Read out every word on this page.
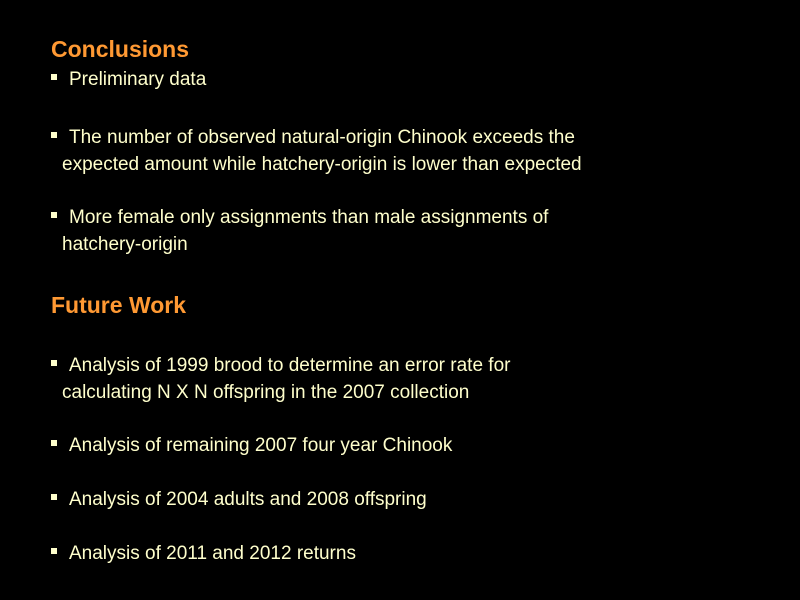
Conclusions
Preliminary data
The number of observed natural-origin Chinook exceeds the
expected amount while hatchery-origin is lower than expected
More female only assignments than male assignments of
hatchery-origin
Future Work
Analysis of 1999 brood to determine an error rate for
calculating N X N offspring in the 2007 collection
Analysis of remaining 2007 four year Chinook
Analysis of 2004 adults and 2008 offspring
Analysis of 2011 and 2012 returns
